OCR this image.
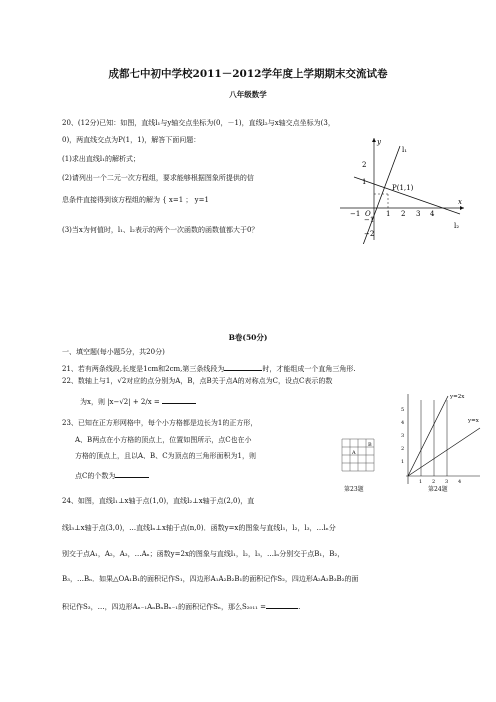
成都七中初中学校2011－2012学年度上学期期末交流试卷
八年级数学
20、(12分)已知：如图，直线l₁与y轴交点坐标为(0，－1)，直线l₂与x轴交点坐标为(3，
0)，两直线交点为P(1，1)，解答下面问题：
(1)求出直线l₁的解析式；
(2)请列出一个二元一次方程组，要求能够根据图象所提供的信
息条件直接得到该方程组的解为 { x=1 ； y=1
(3)当x为何值时，l₁、l₂表示的两个一次函数的函数值都大于0？
y
x
O
P(1,1)
l₁
l₂
2
1
−1
−2
−1	1 2 3 4
B卷(50分)
一、填空题(每小题5分，共20分)
21、若有两条线段,长度是1cm和2cm,第三条线段为	时，才能组成一个直角三角形.
22、数轴上与1，√2对应的点分别为A，B，点B关于点A的对称点为C，设点C表示的数
为x，则 |x−√2| + 2/x =
23、已知在正方形网格中，每个小方格都是边长为1的正方形，
A、B两点在小方格的顶点上，位置如图所示，点C也在小
方格的顶点上，且以A、B、C为顶点的三角形面积为1，则
点C的个数为
B
A
第23题
y=2x
y=x
5
4
3
2
1
1 2 3 4
第24题
24、如图，直线l₁⊥x轴于点(1,0)，直线l₂⊥x轴于点(2,0)，直
线l₃⊥x轴于点(3,0)，…直线lₙ⊥x轴于点(n,0)．函数y=x的图象与直线l₁，l₂，l₃，…lₙ分
别交于点A₁，A₂，A₃，…Aₙ；函数y=2x的图象与直线l₁，l₂，l₃，…lₙ分别交于点B₁，B₂，
B₃，…Bₙ．如果△OA₁B₁的面积记作S₁，四边形A₁A₂B₂B₁的面积记作S₂，四边形A₂A₃B₃B₂的面
积记作S₃，…，四边形Aₙ₋₁AₙBₙBₙ₋₁的面积记作Sₙ，那么S₂₀₁₁ =	.
